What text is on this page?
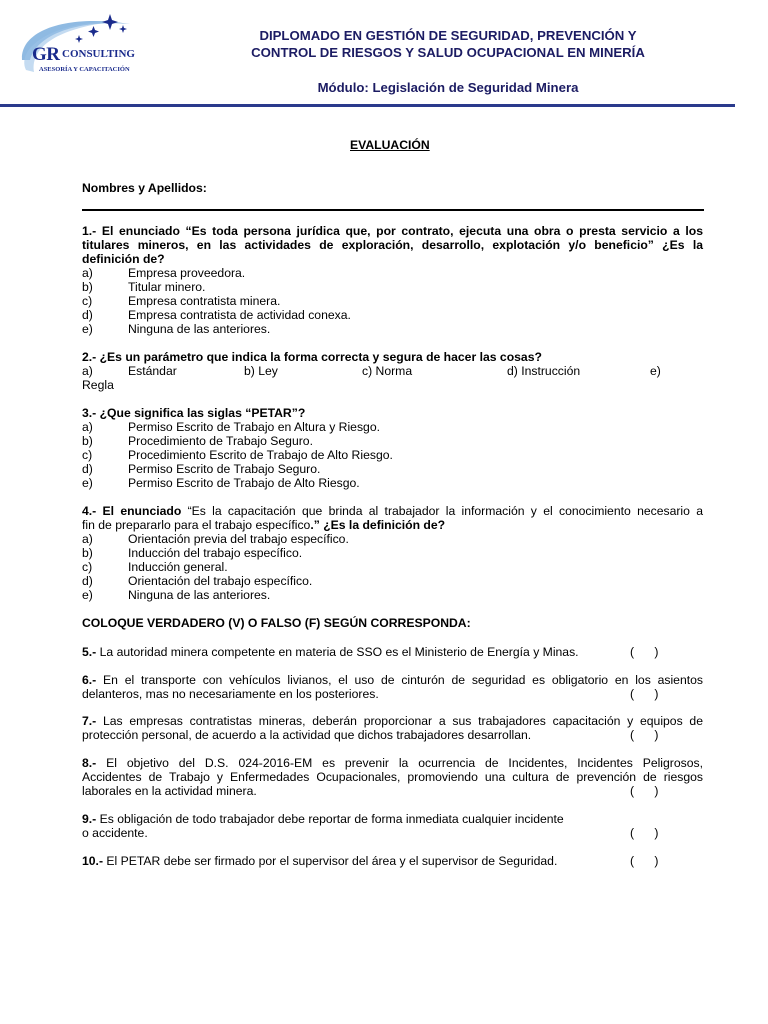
GR CONSULTING
ASESORÍA Y CAPACITACIÓN
DIPLOMADO EN GESTIÓN DE SEGURIDAD, PREVENCIÓN Y
CONTROL DE RIESGOS Y SALUD OCUPACIONAL EN MINERÍA
Módulo: Legislación de Seguridad Minera
EVALUACIÓN
Nombres y Apellidos:
1.- El enunciado “Es toda persona jurídica que, por contrato, ejecuta una obra o presta servicio a los
titulares mineros, en las actividades de exploración, desarrollo, explotación y/o beneficio” ¿Es la
definición de?
a)	Empresa proveedora.
b)	Titular minero.
c)	Empresa contratista minera.
d)	Empresa contratista de actividad conexa.
e)	Ninguna de las anteriores.
2.- ¿Es un parámetro que indica la forma correcta y segura de hacer las cosas?
a)	Estándar	b) Ley	c) Norma	d) Instrucción	e)
Regla
3.- ¿Que significa las siglas “PETAR”?
a)	Permiso Escrito de Trabajo en Altura y Riesgo.
b)	Procedimiento de Trabajo Seguro.
c)	Procedimiento Escrito de Trabajo de Alto Riesgo.
d)	Permiso Escrito de Trabajo Seguro.
e)	Permiso Escrito de Trabajo de Alto Riesgo.
4.- El enunciado “Es la capacitación que brinda al trabajador la información y el conocimiento necesario a
fin de prepararlo para el trabajo específico.” ¿Es la definición de?
a)	Orientación previa del trabajo específico.
b)	Inducción del trabajo específico.
c)	Inducción general.
d)	Orientación del trabajo específico.
e)	Ninguna de las anteriores.
COLOQUE VERDADERO (V) O FALSO (F) SEGÚN CORRESPONDA:
5.- La autoridad minera competente en materia de SSO es el Ministerio de Energía y Minas.	(      )
6.- En el transporte con vehículos livianos, el uso de cinturón de seguridad es obligatorio en los asientos
delanteros, mas no necesariamente en los posteriores.	(      )
7.- Las empresas contratistas mineras, deberán proporcionar a sus trabajadores capacitación y equipos de
protección personal, de acuerdo a la actividad que dichos trabajadores desarrollan.	(      )
8.- El objetivo del D.S. 024-2016-EM es prevenir la ocurrencia de Incidentes, Incidentes Peligrosos,
Accidentes de Trabajo y Enfermedades Ocupacionales, promoviendo una cultura de prevención de riesgos
laborales en la actividad minera.	(      )
9.- Es obligación de todo trabajador debe reportar de forma inmediata cualquier incidente
o accidente.	(      )
10.- El PETAR debe ser firmado por el supervisor del área y el supervisor de Seguridad.	(      )
